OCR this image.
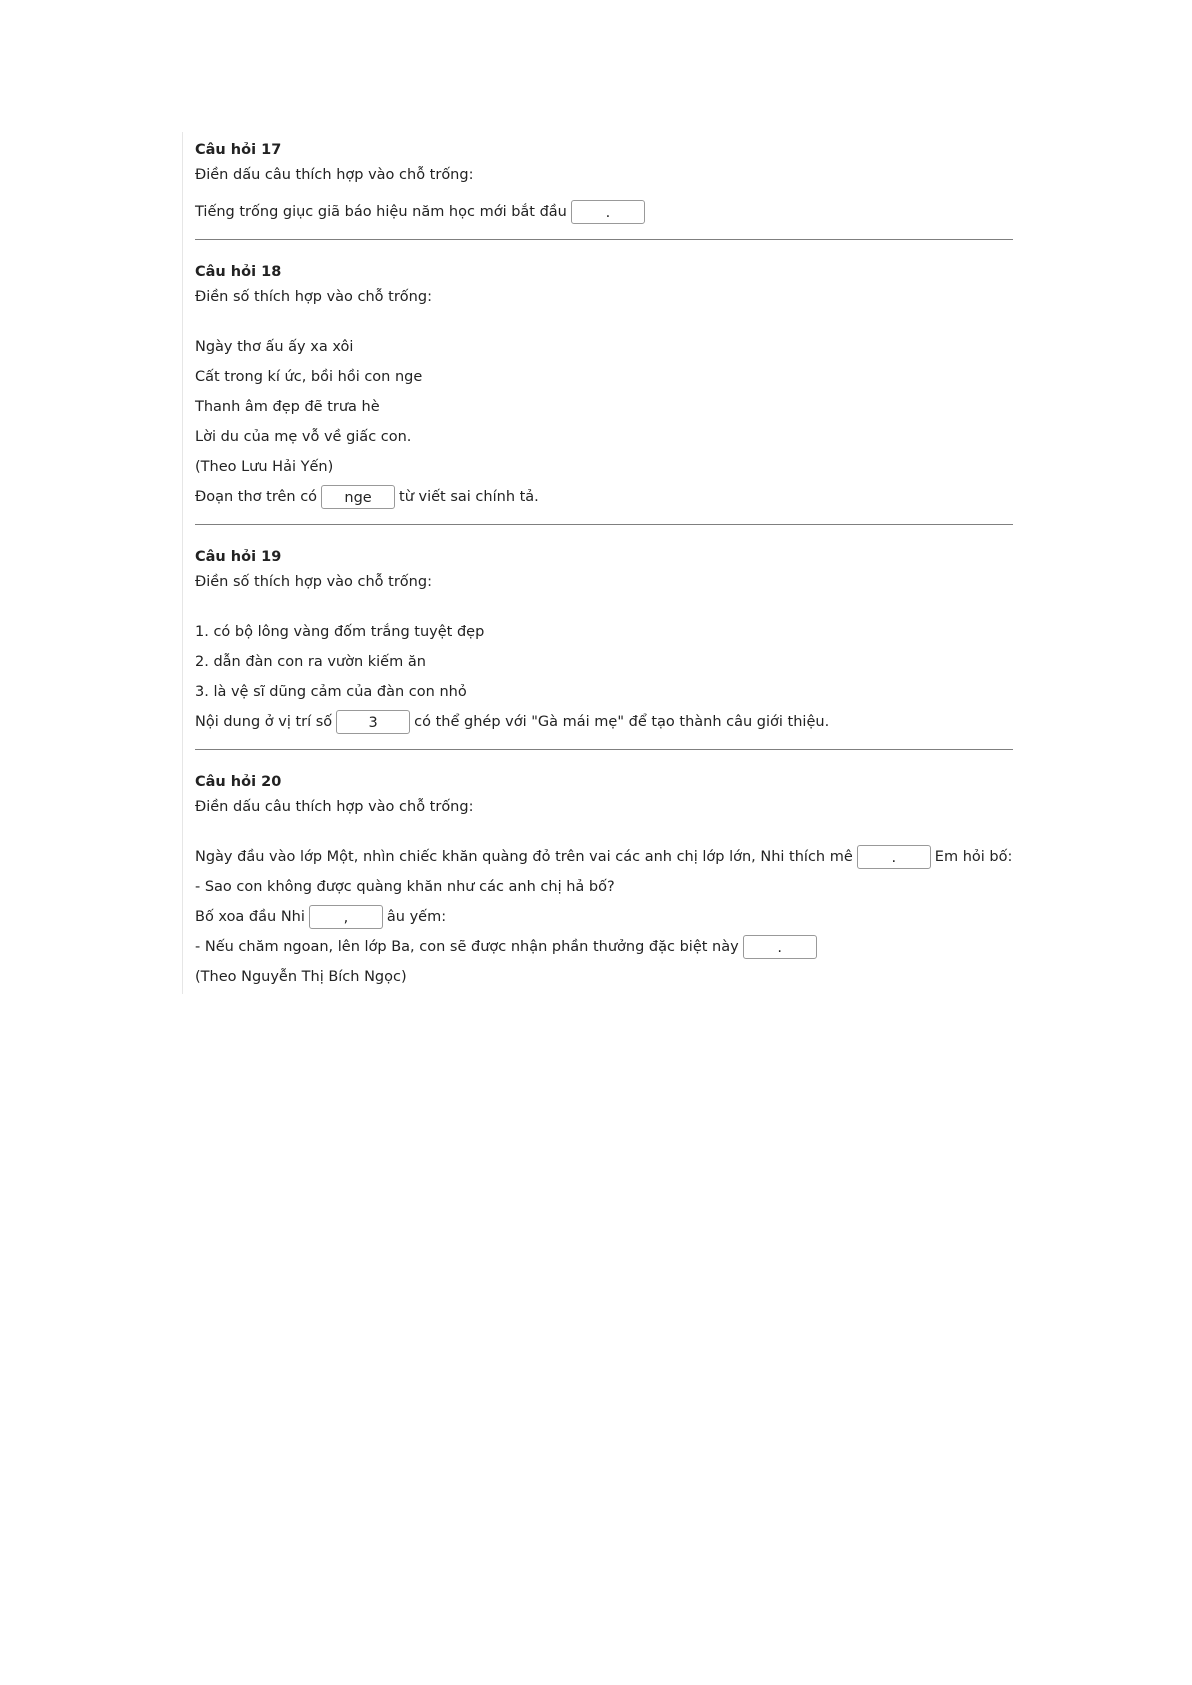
Câu hỏi 17
Điền dấu câu thích hợp vào chỗ trống:
Tiếng trống giục giã báo hiệu năm học mới bắt đầu	.
Câu hỏi 18
Điền số thích hợp vào chỗ trống:
Ngày thơ ấu ấy xa xôi
Cất trong kí ức, bồi hồi con nge
Thanh âm đẹp đẽ trưa hè
Lời du của mẹ vỗ về giấc con.
(Theo Lưu Hải Yến)
Đoạn thơ trên có nge từ viết sai chính tả.
Câu hỏi 19
Điền số thích hợp vào chỗ trống:
1. có bộ lông vàng đốm trắng tuyệt đẹp
2. dẫn đàn con ra vườn kiếm ăn
3. là vệ sĩ dũng cảm của đàn con nhỏ
Nội dung ở vị trí số	3	có thể ghép với "Gà mái mẹ" để tạo thành câu giới thiệu.
Câu hỏi 20
Điền dấu câu thích hợp vào chỗ trống:
Ngày đầu vào lớp Một, nhìn chiếc khăn quàng đỏ trên vai các anh chị lớp lớn, Nhi thích mê	.	Em hỏi bố:
- Sao con không được quàng khăn như các anh chị hả bố?
Bố xoa đầu Nhi	,	âu yếm:
- Nếu chăm ngoan, lên lớp Ba, con sẽ được nhận phần thưởng đặc biệt này	.
(Theo Nguyễn Thị Bích Ngọc)
